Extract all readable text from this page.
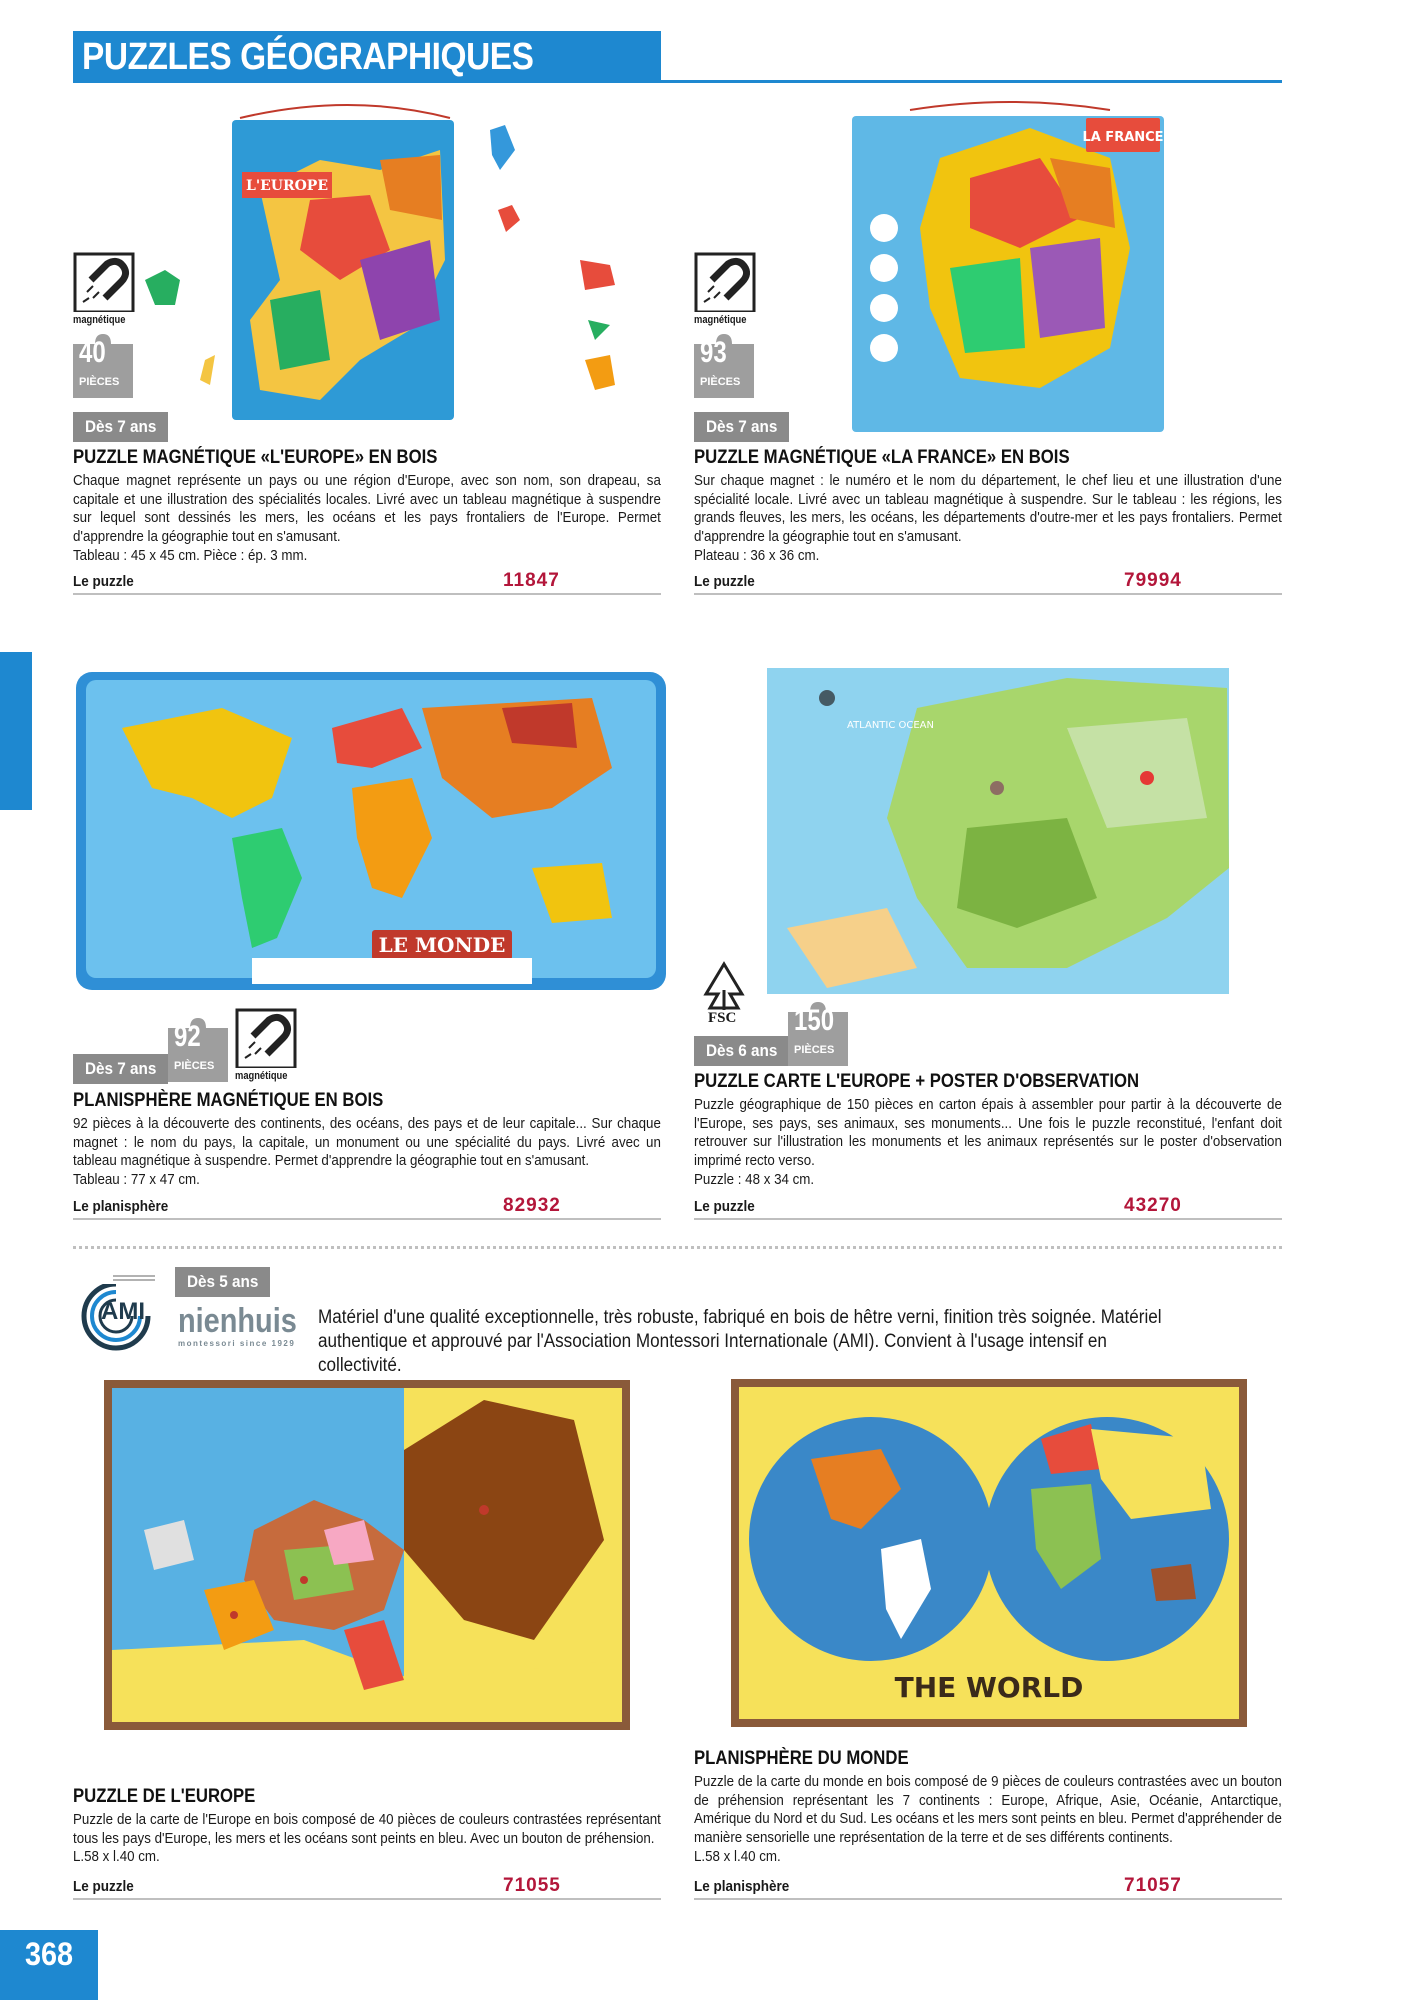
PUZZLES GÉOGRAPHIQUES
L'EUROPE
magnétique
40
PIÈCES
Dès 7 ans
PUZZLE MAGNÉTIQUE «L'EUROPE» EN BOIS
Chaque magnet représente un pays ou une région d'Europe, avec son nom, son drapeau, sa capitale et une illustration des spécialités locales. Livré avec un tableau magnétique à suspendre sur lequel sont dessinés les mers, les océans et les pays frontaliers de l'Europe. Permet d'apprendre la géographie tout en s'amusant.
Tableau : 45 x 45 cm. Pièce : ép. 3 mm.
Le puzzle	11847
LA FRANCE
magnétique
93
PIÈCES
Dès 7 ans
PUZZLE MAGNÉTIQUE «LA FRANCE» EN BOIS
Sur chaque magnet : le numéro et le nom du département, le chef lieu et une illustration d'une spécialité locale. Livré avec un tableau magnétique à suspendre. Sur le tableau : les régions, les grands fleuves, les mers, les océans, les départements d'outre-mer et les pays frontaliers. Permet d'apprendre la géographie tout en s'amusant.
Plateau : 36 x 36 cm.
Le puzzle	79994
LE MONDE
Dès 7 ans
92
PIÈCES
magnétique
PLANISPHÈRE MAGNÉTIQUE EN BOIS
92 pièces à la découverte des continents, des océans, des pays et de leur capitale... Sur chaque magnet : le nom du pays, la capitale, un monument ou une spécialité du pays. Livré avec un tableau magnétique à suspendre. Permet d'apprendre la géographie tout en s'amusant.
Tableau : 77 x 47 cm.
Le planisphère	82932
ATLANTIC OCEAN
FSC
Dès 6 ans
150
PIÈCES
PUZZLE CARTE L'EUROPE + POSTER D'OBSERVATION
Puzzle géographique de 150 pièces en carton épais à assembler pour partir à la découverte de l'Europe, ses pays, ses animaux, ses monuments... Une fois le puzzle reconstitué, l'enfant doit retrouver sur l'illustration les monuments et les animaux représentés sur le poster d'observation imprimé recto verso.
Puzzle : 48 x 34 cm.
Le puzzle	43270
AMI
Dès 5 ans
nienhuis
montessori since 1929
Matériel d'une qualité exceptionnelle, très robuste, fabriqué en bois de hêtre verni, finition très soignée. Matériel authentique et approuvé par l'Association Montessori Internationale (AMI). Convient à l'usage intensif en collectivité.
PUZZLE DE L'EUROPE
Puzzle de la carte de l'Europe en bois composé de 40 pièces de couleurs contrastées représentant tous les pays d'Europe, les mers et les océans sont peints en bleu. Avec un bouton de préhension.
L.58 x l.40 cm.
Le puzzle	71055
THE WORLD
PLANISPHÈRE DU MONDE
Puzzle de la carte du monde en bois composé de 9 pièces de couleurs contrastées avec un bouton de préhension représentant les 7 continents : Europe, Afrique, Asie, Océanie, Antarctique, Amérique du Nord et du Sud. Les océans et les mers sont peints en bleu. Permet d'appréhender de manière sensorielle une représentation de la terre et de ses différents continents.
L.58 x l.40 cm.
Le planisphère	71057
368
